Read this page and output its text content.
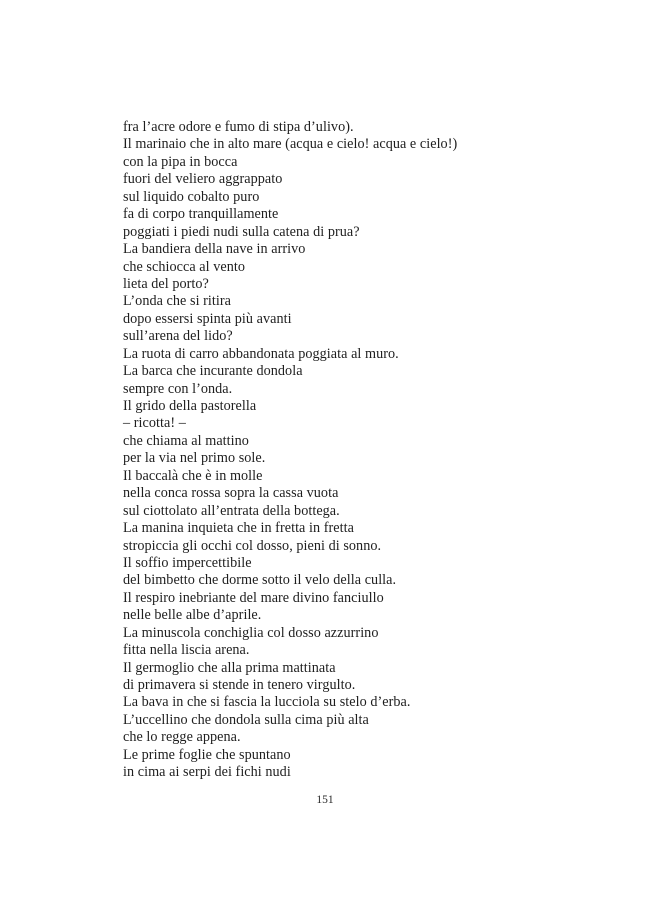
fra l’acre odore e fumo di stipa d’ulivo).
Il marinaio che in alto mare (acqua e cielo! acqua e cielo!)
con la pipa in bocca
fuori del veliero aggrappato
sul liquido cobalto puro
fa di corpo tranquillamente
poggiati i piedi nudi sulla catena di prua?
La bandiera della nave in arrivo
che schiocca al vento
lieta del porto?
L’onda che si ritira
dopo essersi spinta più avanti
sull’arena del lido?
La ruota di carro abbandonata poggiata al muro.
La barca che incurante dondola
sempre con l’onda.
Il grido della pastorella
– ricotta! –
che chiama al mattino
per la via nel primo sole.
Il baccalà che è in molle
nella conca rossa sopra la cassa vuota
sul ciottolato all’entrata della bottega.
La manina inquieta che in fretta in fretta
stropiccia gli occhi col dosso, pieni di sonno.
Il soffio impercettibile
del bimbetto che dorme sotto il velo della culla.
Il respiro inebriante del mare divino fanciullo
nelle belle albe d’aprile.
La minuscola conchiglia col dosso azzurrino
fitta nella liscia arena.
Il germoglio che alla prima mattinata
di primavera si stende in tenero virgulto.
La bava in che si fascia la lucciola su stelo d’erba.
L’uccellino che dondola sulla cima più alta
che lo regge appena.
Le prime foglie che spuntano
in cima ai serpi dei fichi nudi
151
